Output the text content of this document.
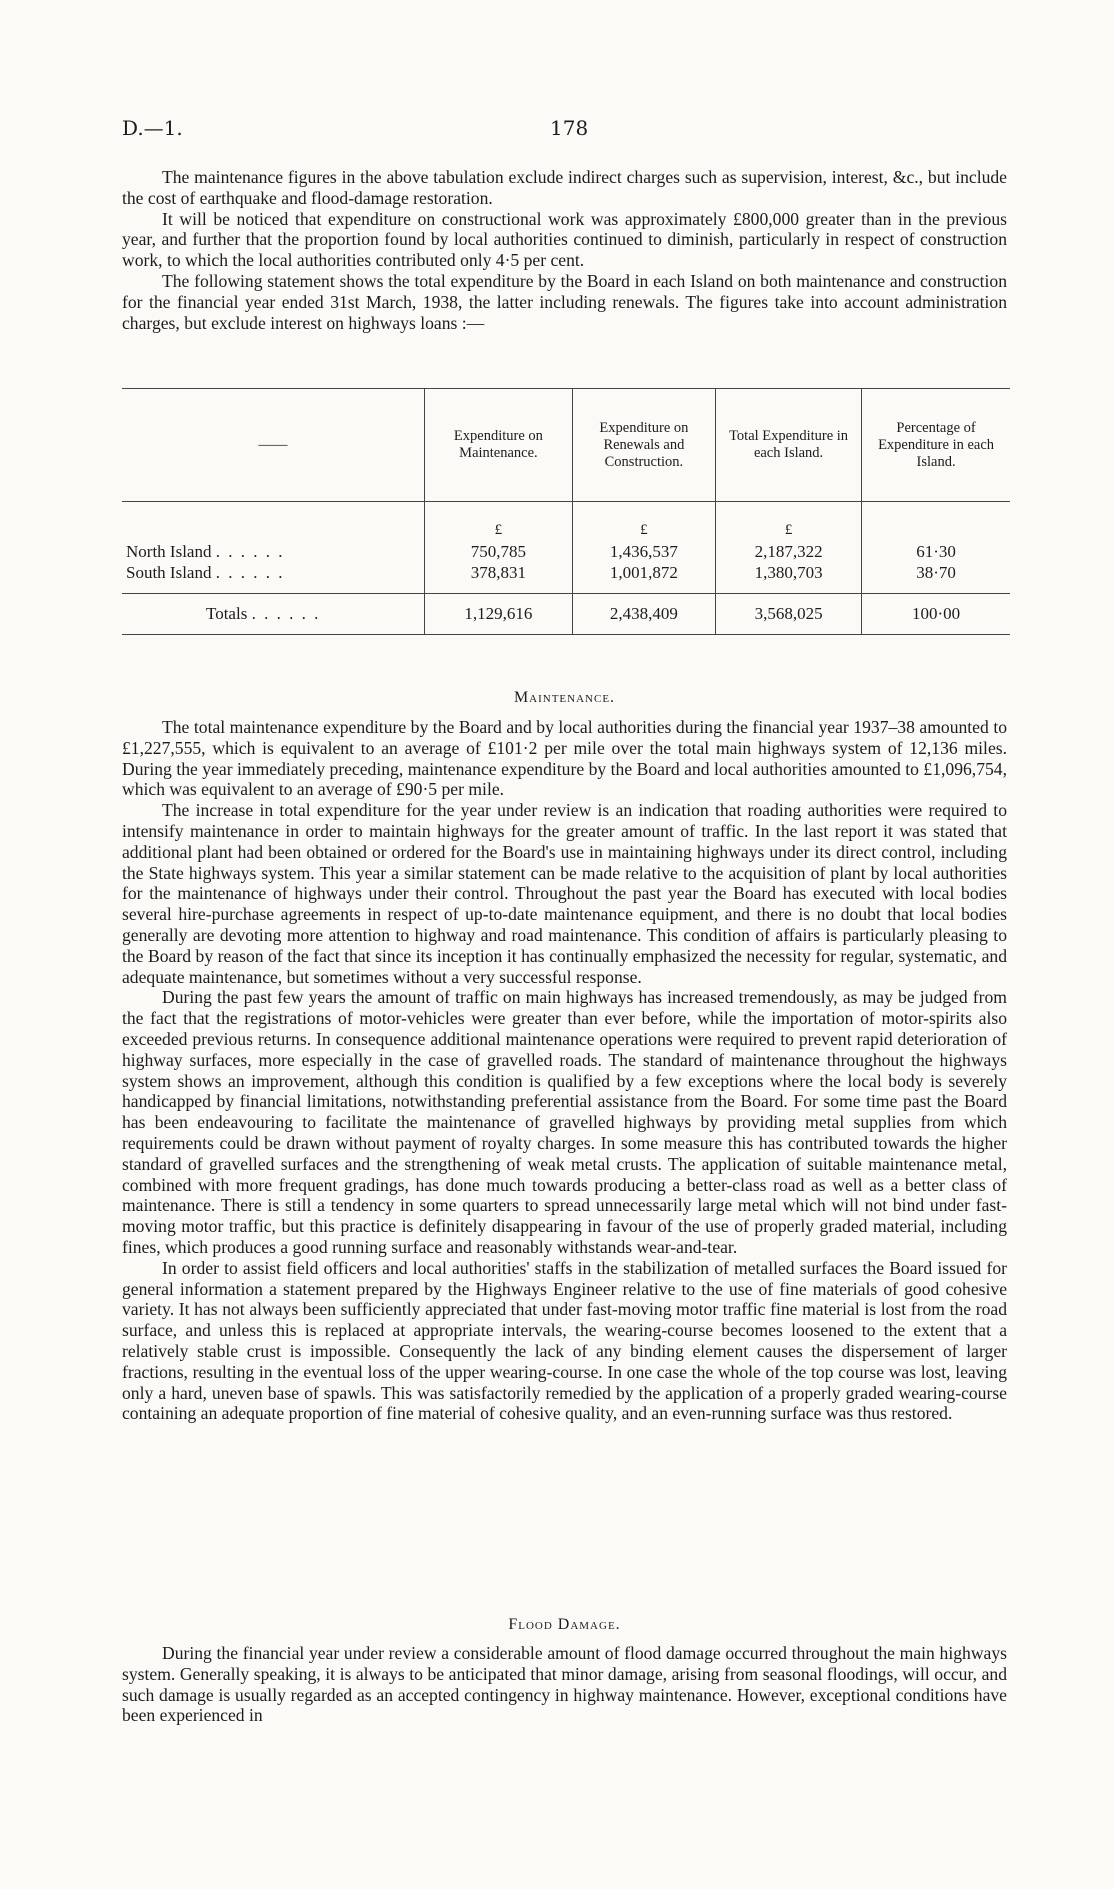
D.—1.	178

The maintenance figures in the above tabulation exclude indirect charges such as supervision, interest, &c., but include the cost of earthquake and flood-damage restoration.

It will be noticed that expenditure on constructional work was approximately £800,000 greater than in the previous year, and further that the proportion found by local authorities continued to diminish, particularly in respect of construction work, to which the local authorities contributed only 4·5 per cent.

The following statement shows the total expenditure by the Board in each Island on both maintenance and construction for the financial year ended 31st March, 1938, the latter including renewals. The figures take into account administration charges, but exclude interest on highways loans :—

——	Expenditure on Maintenance.	Expenditure on Renewals and Construction.	Total Expenditure in each Island.	Percentage of Expenditure in each Island.
	£	£	£	
North Island . . . . . .	750,785	1,436,537	2,187,322	61·30
South Island . . . . . .	378,831	1,001,872	1,380,703	38·70

Totals . . . . . .	1,129,616	2,438,409	3,568,025	100·00
Maintenance.

The total maintenance expenditure by the Board and by local authorities during the financial year 1937–38 amounted to £1,227,555, which is equivalent to an average of £101·2 per mile over the total main highways system of 12,136 miles. During the year immediately preceding, maintenance expenditure by the Board and local authorities amounted to £1,096,754, which was equivalent to an average of £90·5 per mile.

The increase in total expenditure for the year under review is an indication that roading authorities were required to intensify maintenance in order to maintain highways for the greater amount of traffic. In the last report it was stated that additional plant had been obtained or ordered for the Board's use in maintaining highways under its direct control, including the State highways system. This year a similar statement can be made relative to the acquisition of plant by local authorities for the maintenance of highways under their control. Throughout the past year the Board has executed with local bodies several hire-purchase agreements in respect of up-to-date maintenance equipment, and there is no doubt that local bodies generally are devoting more attention to highway and road maintenance. This condition of affairs is particularly pleasing to the Board by reason of the fact that since its inception it has continually emphasized the necessity for regular, systematic, and adequate maintenance, but sometimes without a very successful response.

During the past few years the amount of traffic on main highways has increased tremendously, as may be judged from the fact that the registrations of motor-vehicles were greater than ever before, while the importation of motor-spirits also exceeded previous returns. In consequence additional maintenance operations were required to prevent rapid deterioration of highway surfaces, more especially in the case of gravelled roads. The standard of maintenance throughout the highways system shows an improvement, although this condition is qualified by a few exceptions where the local body is severely handicapped by financial limitations, notwithstanding preferential assistance from the Board. For some time past the Board has been endeavouring to facilitate the maintenance of gravelled highways by providing metal supplies from which requirements could be drawn without payment of royalty charges. In some measure this has contributed towards the higher standard of gravelled surfaces and the strengthening of weak metal crusts. The application of suitable maintenance metal, combined with more frequent gradings, has done much towards producing a better-class road as well as a better class of maintenance. There is still a tendency in some quarters to spread unnecessarily large metal which will not bind under fast-moving motor traffic, but this practice is definitely disappearing in favour of the use of properly graded material, including fines, which produces a good running surface and reasonably withstands wear-and-tear.

In order to assist field officers and local authorities' staffs in the stabilization of metalled surfaces the Board issued for general information a statement prepared by the Highways Engineer relative to the use of fine materials of good cohesive variety. It has not always been sufficiently appreciated that under fast-moving motor traffic fine material is lost from the road surface, and unless this is replaced at appropriate intervals, the wearing-course becomes loosened to the extent that a relatively stable crust is impossible. Consequently the lack of any binding element causes the dispersement of larger fractions, resulting in the eventual loss of the upper wearing-course. In one case the whole of the top course was lost, leaving only a hard, uneven base of spawls. This was satisfactorily remedied by the application of a properly graded wearing-course containing an adequate proportion of fine material of cohesive quality, and an even-running surface was thus restored.

Flood Damage.

During the financial year under review a considerable amount of flood damage occurred throughout the main highways system. Generally speaking, it is always to be anticipated that minor damage, arising from seasonal floodings, will occur, and such damage is usually regarded as an accepted contingency in highway maintenance. However, exceptional conditions have been experienced in
